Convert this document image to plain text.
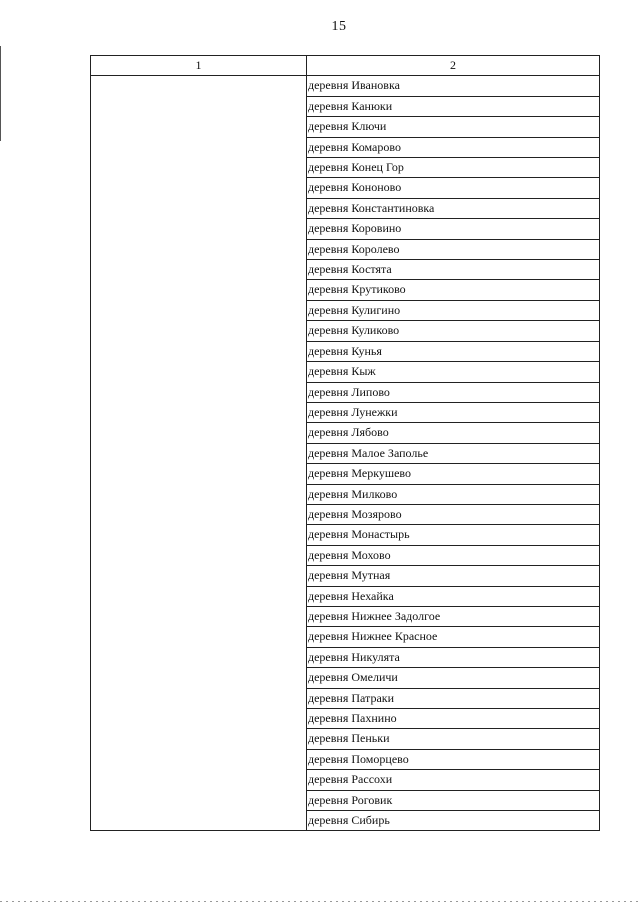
15
1	2
	деревня Ивановка
	деревня Канюки
	деревня Ключи
	деревня Комарово
	деревня Конец Гор
	деревня Кононово
	деревня Константиновка
	деревня Коровино
	деревня Королево
	деревня Костята
	деревня Крутиково
	деревня Кулигино
	деревня Куликово
	деревня Кунья
	деревня Кыж
	деревня Липово
	деревня Лунежки
	деревня Лябово
	деревня Малое Заполье
	деревня Меркушево
	деревня Милково
	деревня Мозярово
	деревня Монастырь
	деревня Мохово
	деревня Мутная
	деревня Нехайка
	деревня Нижнее Задолгое
	деревня Нижнее Красное
	деревня Никулята
	деревня Омеличи
	деревня Патраки
	деревня Пахнино
	деревня Пеньки
	деревня Поморцево
	деревня Рассохи
	деревня Роговик
	деревня Сибирь
